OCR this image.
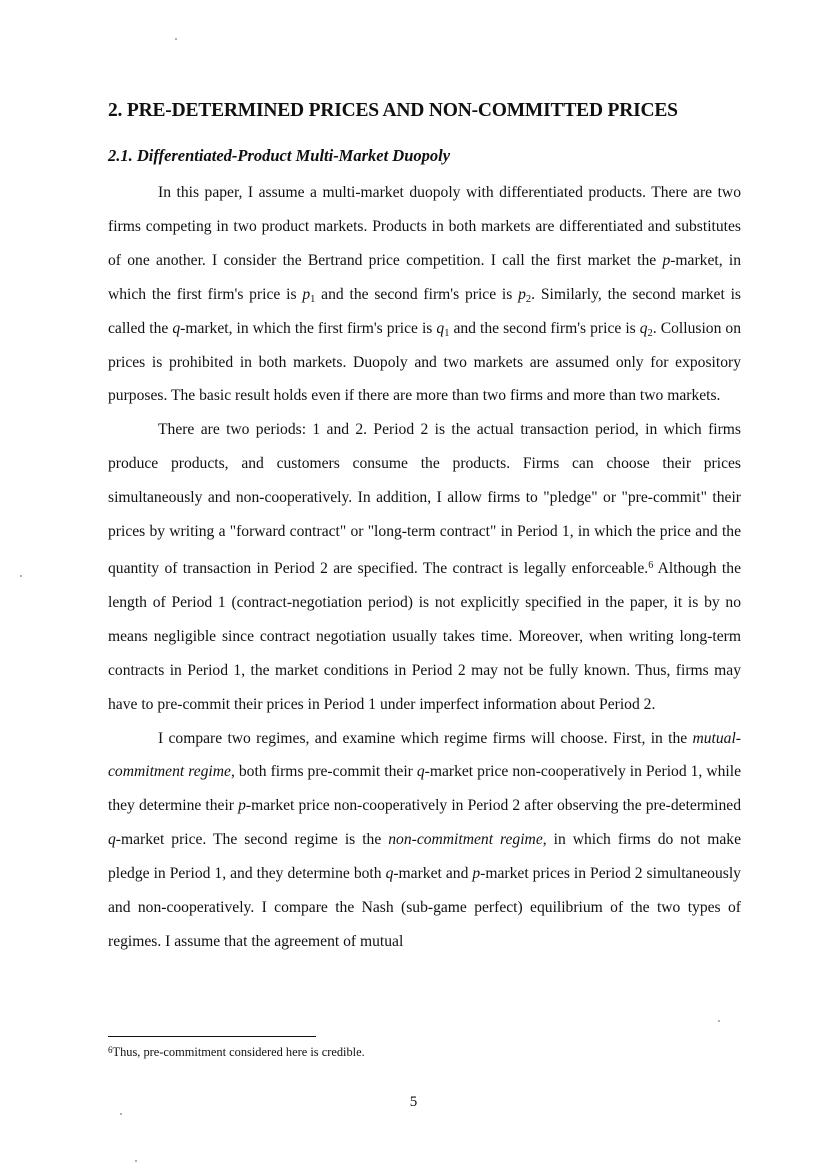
2. PRE-DETERMINED PRICES AND NON-COMMITTED PRICES
2.1. Differentiated-Product Multi-Market Duopoly

In this paper, I assume a multi-market duopoly with differentiated products. There are two firms competing in two product markets. Products in both markets are differentiated and substitutes of one another. I consider the Bertrand price competition. I call the first market the p-market, in which the first firm's price is $p_1$ and the second firm's price is $p_2$. Similarly, the second market is called the q-market, in which the first firm's price is $q_1$ and the second firm's price is $q_2$. Collusion on prices is prohibited in both markets. Duopoly and two markets are assumed only for expository purposes. The basic result holds even if there are more than two firms and more than two markets.

There are two periods: 1 and 2. Period 2 is the actual transaction period, in which firms produce products, and customers consume the products. Firms can choose their prices simultaneously and non-cooperatively. In addition, I allow firms to "pledge" or "pre-commit" their prices by writing a "forward contract" or "long-term contract" in Period 1, in which the price and the quantity of transaction in Period 2 are specified. The contract is legally enforceable.$^6$ Although the length of Period 1 (contract-negotiation period) is not explicitly specified in the paper, it is by no means negligible since contract negotiation usually takes time. Moreover, when writing long-term contracts in Period 1, the market conditions in Period 2 may not be fully known. Thus, firms may have to pre-commit their prices in Period 1 under imperfect information about Period 2.

I compare two regimes, and examine which regime firms will choose. First, in the mutual-commitment regime, both firms pre-commit their q-market price non-cooperatively in Period 1, while they determine their p-market price non-cooperatively in Period 2 after observing the pre-determined q-market price. The second regime is the non-commitment regime, in which firms do not make pledge in Period 1, and they determine both q-market and p-market prices in Period 2 simultaneously and non-cooperatively. I compare the Nash (sub-game perfect) equilibrium of the two types of regimes. I assume that the agreement of mutual

$^6$Thus, pre-commitment considered here is credible.
5
